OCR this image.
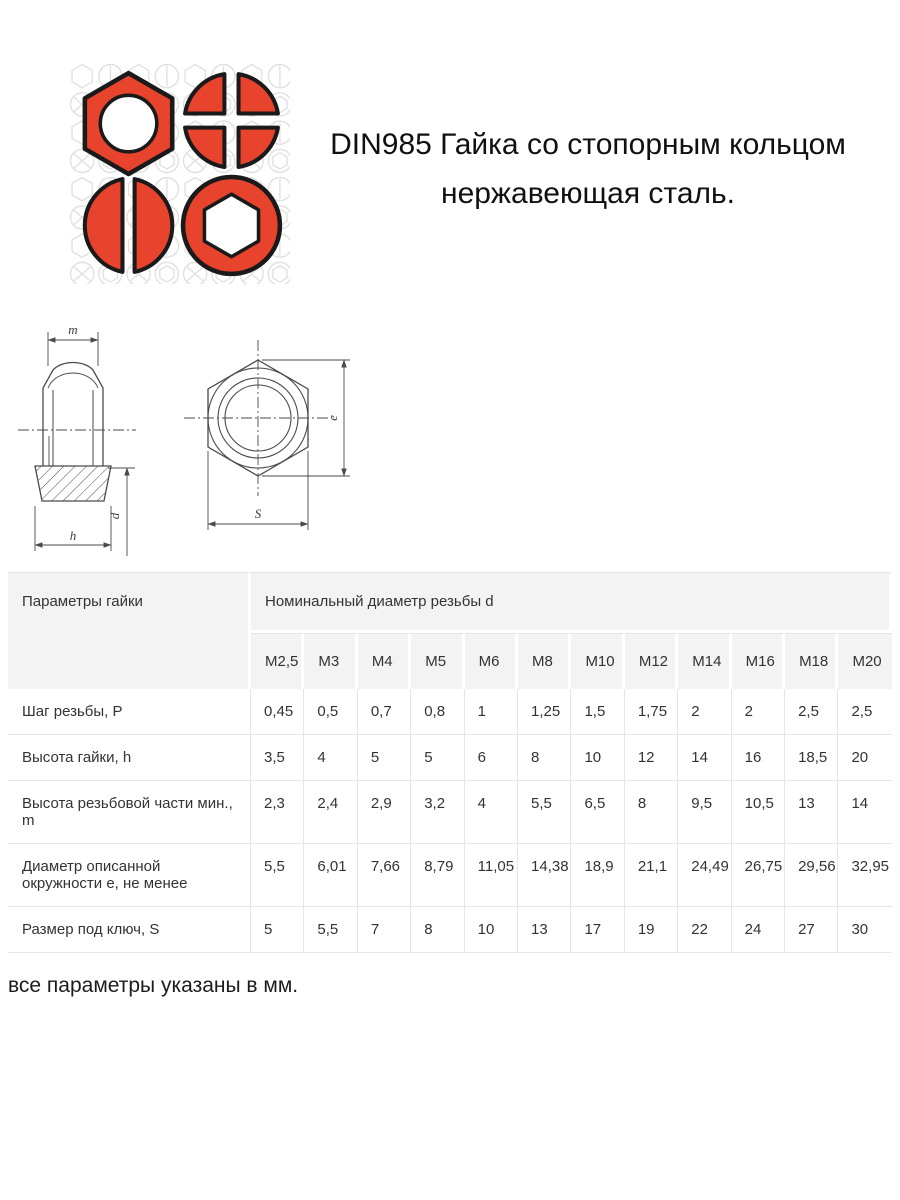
DIN985 Гайка со стопорным кольцом
нержавеющая сталь.
m
h
d
e
S
Параметры гайки	Номинальный диаметр резьбы d											
	M2,5	M3	M4	M5	M6	M8	M10	M12	M14	M16	M18	M20
Шаг резьбы, P	0,45	0,5	0,7	0,8	1	1,25	1,5	1,75	2	2	2,5	2,5
Высота гайки, h	3,5	4	5	5	6	8	10	12	14	16	18,5	20
Высота резьбовой части мин., m	2,3	2,4	2,9	3,2	4	5,5	6,5	8	9,5	10,5	13	14
Диаметр описанной окружности е, не менее	5,5	6,01	7,66	8,79	11,05	14,38	18,9	21,1	24,49	26,75	29,56	32,95
Размер под ключ, S	5	5,5	7	8	10	13	17	19	22	24	27	30

все параметры указаны в мм.
